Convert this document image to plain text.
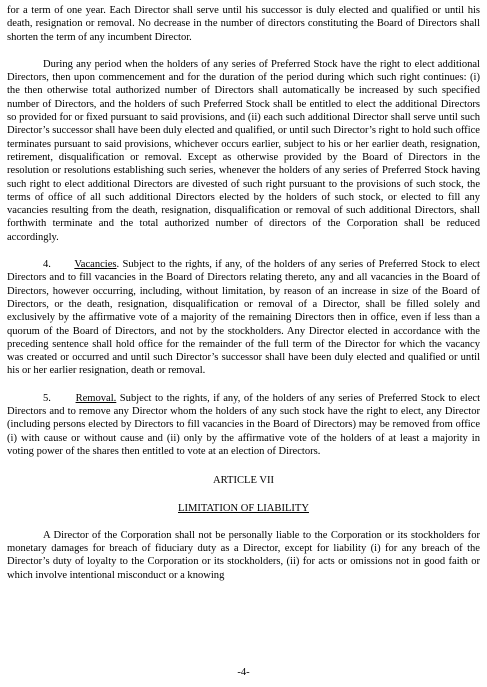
for a term of one year. Each Director shall serve until his successor is duly elected and qualified or until his death, resignation or removal. No decrease in the number of directors constituting the Board of Directors shall shorten the term of any incumbent Director.

During any period when the holders of any series of Preferred Stock have the right to elect additional Directors, then upon commencement and for the duration of the period during which such right continues: (i) the then otherwise total authorized number of Directors shall automatically be increased by such specified number of Directors, and the holders of such Preferred Stock shall be entitled to elect the additional Directors so provided for or fixed pursuant to said provisions, and (ii) each such additional Director shall serve until such Director’s successor shall have been duly elected and qualified, or until such Director’s right to hold such office terminates pursuant to said provisions, whichever occurs earlier, subject to his or her earlier death, resignation, retirement, disqualification or removal. Except as otherwise provided by the Board of Directors in the resolution or resolutions establishing such series, whenever the holders of any series of Preferred Stock having such right to elect additional Directors are divested of such right pursuant to the provisions of such stock, the terms of office of all such additional Directors elected by the holders of such stock, or elected to fill any vacancies resulting from the death, resignation, disqualification or removal of such additional Directors, shall forthwith terminate and the total authorized number of directors of the Corporation shall be reduced accordingly.

4. Vacancies. Subject to the rights, if any, of the holders of any series of Preferred Stock to elect Directors and to fill vacancies in the Board of Directors relating thereto, any and all vacancies in the Board of Directors, however occurring, including, without limitation, by reason of an increase in size of the Board of Directors, or the death, resignation, disqualification or removal of a Director, shall be filled solely and exclusively by the affirmative vote of a majority of the remaining Directors then in office, even if less than a quorum of the Board of Directors, and not by the stockholders. Any Director elected in accordance with the preceding sentence shall hold office for the remainder of the full term of the Director for which the vacancy was created or occurred and until such Director’s successor shall have been duly elected and qualified or until his or her earlier resignation, death or removal.

5. Removal. Subject to the rights, if any, of the holders of any series of Preferred Stock to elect Directors and to remove any Director whom the holders of any such stock have the right to elect, any Director (including persons elected by Directors to fill vacancies in the Board of Directors) may be removed from office (i) with cause or without cause and (ii) only by the affirmative vote of the holders of at least a majority in voting power of the shares then entitled to vote at an election of Directors.

ARTICLE VII

LIMITATION OF LIABILITY

A Director of the Corporation shall not be personally liable to the Corporation or its stockholders for monetary damages for breach of fiduciary duty as a Director, except for liability (i) for any breach of the Director’s duty of loyalty to the Corporation or its stockholders, (ii) for acts or omissions not in good faith or which involve intentional misconduct or a knowing

-4-
